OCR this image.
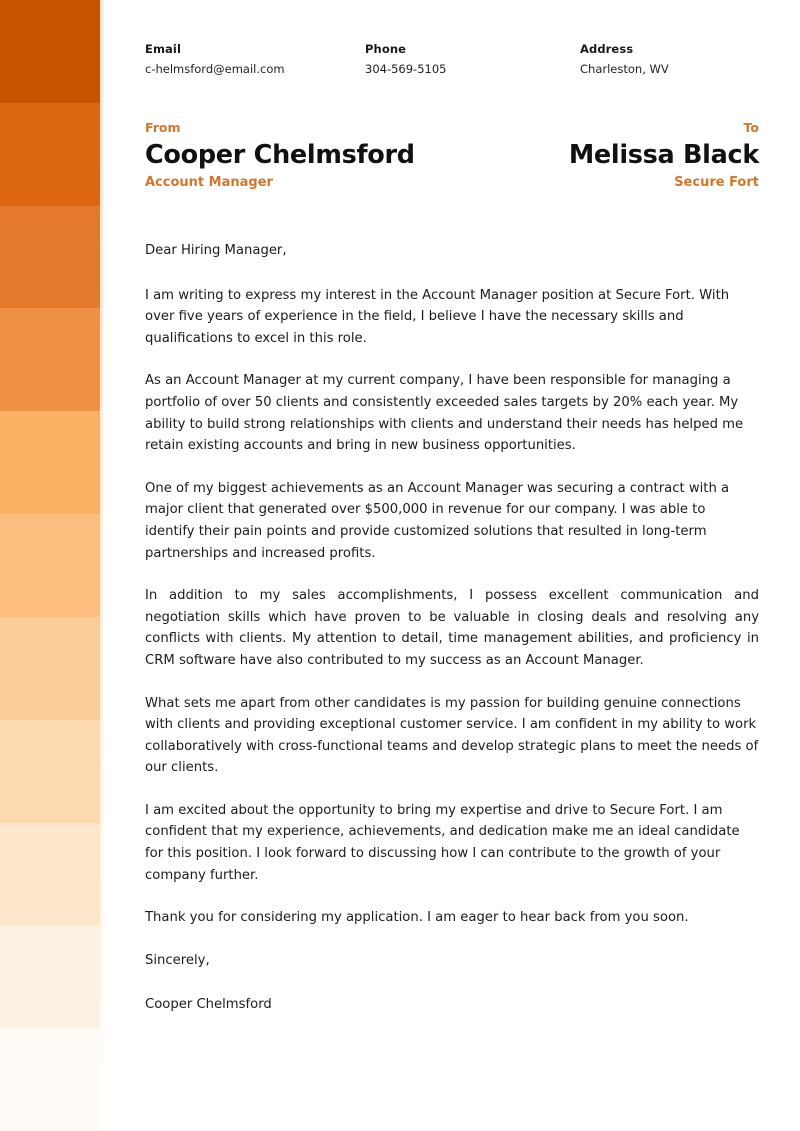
Email
c-helmsford@email.com
Phone
304-569-5105
Address
Charleston, WV
From
Cooper Chelmsford
Account Manager
To
Melissa Black
Secure Fort

Dear Hiring Manager,

I am writing to express my interest in the Account Manager position at Secure Fort. With over five years of experience in the field, I believe I have the necessary skills and qualifications to excel in this role.

As an Account Manager at my current company, I have been responsible for managing a portfolio of over 50 clients and consistently exceeded sales targets by 20% each year. My ability to build strong relationships with clients and understand their needs has helped me retain existing accounts and bring in new business opportunities.

One of my biggest achievements as an Account Manager was securing a contract with a major client that generated over $500,000 in revenue for our company. I was able to identify their pain points and provide customized solutions that resulted in long-term partnerships and increased profits.

In addition to my sales accomplishments, I possess excellent communication and negotiation skills which have proven to be valuable in closing deals and resolving any conflicts with clients. My attention to detail, time management abilities, and proficiency in CRM software have also contributed to my success as an Account Manager.

What sets me apart from other candidates is my passion for building genuine connections with clients and providing exceptional customer service. I am confident in my ability to work collaboratively with cross-functional teams and develop strategic plans to meet the needs of our clients.

I am excited about the opportunity to bring my expertise and drive to Secure Fort. I am confident that my experience, achievements, and dedication make me an ideal candidate for this position. I look forward to discussing how I can contribute to the growth of your company further.

Thank you for considering my application. I am eager to hear back from you soon.

Sincerely,

Cooper Chelmsford
